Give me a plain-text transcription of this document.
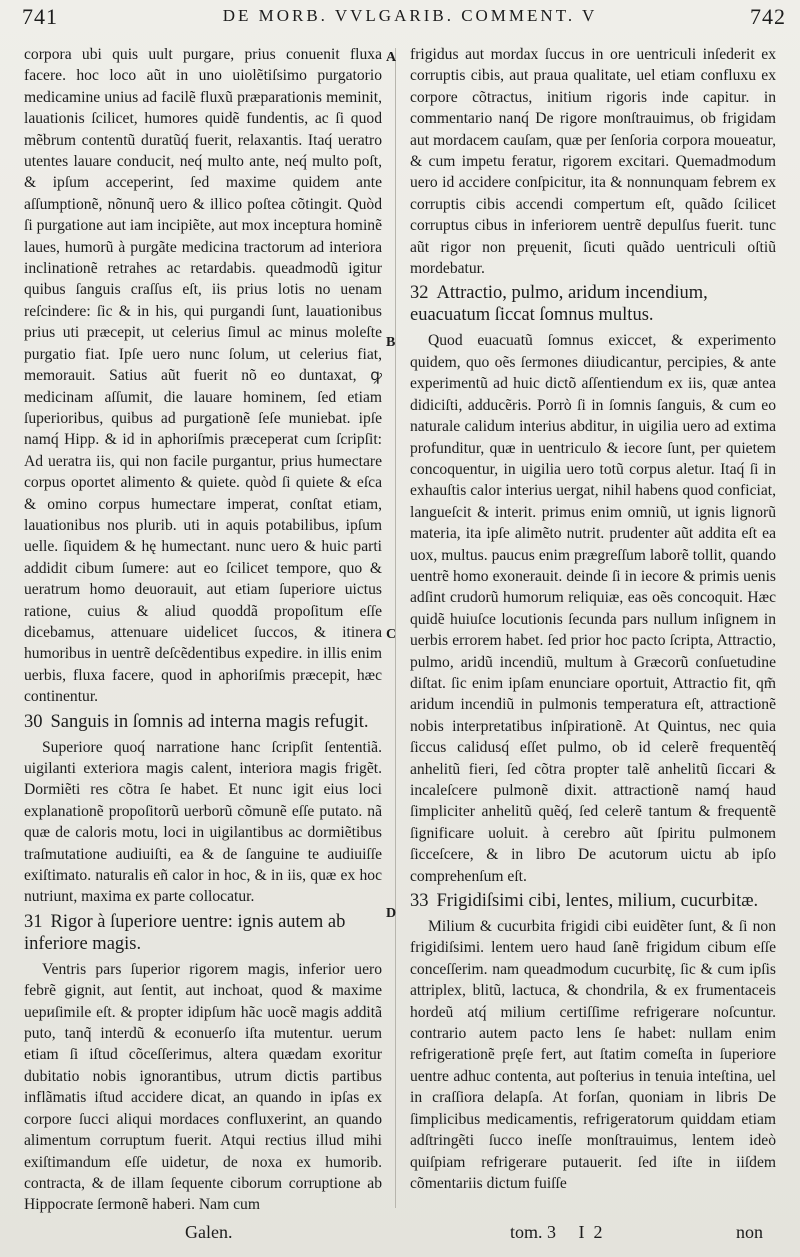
741	DE MORB. VVLGARIB. COMMENT. V	742
A
B
C
D

corpora ubi quis uult purgare, prius conuenit fluxa facere. hoc loco aũt in uno uiolẽtiſsimo purgatorio medicamine unius ad facilẽ fluxũ præparationis meminit, lauationis ſcilicet, humores quidẽ fundentis, ac ſi quod mẽbrum contentũ duratũq́ fuerit, relaxantis. Itaq́ ueratro utentes lauare conducit, neq́ multo ante, neq́ multo poſt, & ipſum acceperint, ſed maxime quidem ante aſſumptionẽ, nõnunq̃ uero & illico poſtea cõtingit. Quòd ſi purgatione aut iam incipiẽte, aut mox inceptura hominẽ laues, humorũ à purgãte medicina tractorum ad interiora inclinationẽ retrahes ac retardabis. queadmodũ igitur quibus ſanguis craſſus eſt, iis prius lotis no uenam reſcindere: ſic & in his, qui purgandi ſunt, lauationibus prius uti præcepit, ut celerius ſimul ac minus moleſte purgatio fiat. Ipſe uero nunc ſolum, ut celerius fiat, memorauit. Satius aũt fuerit nõ eo duntaxat, ꝙ medicinam aſſumit, die lauare hominem, ſed etiam ſuperioribus, quibus ad purgationẽ ſeſe muniebat. ipſe namq́ Hipp. & id in aphoriſmis præceperat cum ſcripſit: Ad ueratra iis, qui non facile purgantur, prius humectare corpus oportet alimento & quiete. quòd ſi quiete & eſca & omino corpus humectare imperat, conſtat etiam, lauationibus nos plurib. uti in aquis potabilibus, ipſum uelle. ſiquidem & hę humectant. nunc uero & huic parti addidit cibum ſumere: aut eo ſcilicet tempore, quo & ueratrum homo deuorauit, aut etiam ſuperiore uictus ratione, cuius & aliud quoddã propoſitum eſſe dicebamus, attenuare uidelicet ſuccos, & itinera humoribus in uentrẽ deſcẽdentibus expedire. in illis enim uerbis, fluxa facere, quod in aphoriſmis præcepit, hæc continentur.

30 Sanguis in ſomnis ad interna magis refugit.

Superiore quoq́ narratione hanc ſcripſit ſententiã. uigilanti exteriora magis calent, interiora magis frigẽt. Dormiẽti res cõtra ſe habet. Et nunc igit eius loci explanationẽ propoſitorũ uerborũ cõmunẽ eſſe putato. nã quæ de caloris motu, loci in uigilantibus ac dormiẽtibus traſmutatione audiuiſti, ea & de ſanguine te audiuiſſe exiſtimato. naturalis eñ calor in hoc, & in iis, quæ ex hoc nutriunt, maxima ex parte collocatur.

31 Rigor à ſuperiore uentre: ignis autem ab inferiore magis.

Ventris pars ſuperior rigorem magis, inferior uero febrẽ gignit, aut ſentit, aut inchoat, quod & maxime uериſimile eſt. & propter idipſum hãc uocẽ magis additã puto, tanq̃ interdũ & econuerſo iſta mutentur. uerum etiam ſi iſtud cõceſſerimus, altera quædam exoritur dubitatio nobis ignorantibus, utrum dictis partibus inflãmatis iſtud accidere dicat, an quando in ipſas ex corpore ſucci aliqui mordaces confluxerint, an quando alimentum corruptum fuerit. Atqui rectius illud mihi exiſtimandum eſſe uidetur, de noxa ex humorib. contracta, & de illam ſequente ciborum corruptione ab Hippocrate ſermonẽ haberi. Nam cum

frigidus aut mordax ſuccus in ore uentriculi inſederit ex corruptis cibis, aut praua qualitate, uel etiam confluxu ex corpore cõtractus, initium rigoris inde capitur. in commentario nanq́ De rigore monſtrauimus, ob frigidam aut mordacem cauſam, quæ per ſenſoria corpora moueatur, & cum impetu feratur, rigorem excitari. Quemadmodum uero id accidere conſpicitur, ita & nonnunquam febrem ex corruptis cibis accendi compertum eſt, quãdo ſcilicet corruptus cibus in inferiorem uentrẽ depulſus fuerit. tunc aũt rigor non pręuenit, ſicuti quãdo uentriculi oſtiũ mordebatur.

32 Attractio, pulmo, aridum incendium, euacuatum ſiccat ſomnus multus.

Quod euacuatũ ſomnus exiccet, & experimento quidem, quo oẽs ſermones diiudicantur, percipies, & ante experimentũ ad huic dictõ aſſentiendum ex iis, quæ antea didiciſti, adducẽris. Porrò ſi in ſomnis ſanguis, & cum eo naturale calidum interius abditur, in uigilia uero ad extima profunditur, quæ in uentriculo & iecore ſunt, per quietem concoquentur, in uigilia uero totũ corpus aletur. Itaq́ ſi in exhauſtis calor interius uergat, nihil habens quod conficiat, langueſcit & interit. primus enim omniũ, ut ignis lignorũ materia, ita ipſe alimẽto nutrit. prudenter aũt addita eſt ea uox, multus. paucus enim prægreſſum laborẽ tollit, quando uentrẽ homo exonerauit. deinde ſi in iecore & primis uenis adſint crudorũ humorum reliquiæ, eas oẽs concoquit. Hæc quidẽ huiuſce locutionis ſecunda pars nullum inſignem in uerbis errorem habet. ſed prior hoc pacto ſcripta, Attractio, pulmo, aridũ incendiũ, multum à Græcorũ conſuetudine diſtat. ſic enim ipſam enunciare oportuit, Attractio fit, qm̃ aridum incendiũ in pulmonis temperatura eſt, attractionẽ nobis interpretatibus inſpirationẽ. At Quintus, nec quia ſiccus calidusq́ eſſet pulmo, ob id celerẽ frequentẽq́ anhelitũ fieri, ſed cõtra propter talẽ anhelitũ ſiccari & incaleſcere pulmonẽ dixit. attractionẽ namq́ haud ſimpliciter anhelitũ quẽq́, ſed celerẽ tantum & frequentẽ ſignificare uoluit. à cerebro aũt ſpiritu pulmonem ſicceſcere, & in libro De acutorum uictu ab ipſo comprehenſum eſt.

33 Frigidiſsimi cibi, lentes, milium, cucurbitæ.

Milium & cucurbita frigidi cibi euidẽter ſunt, & ſi non frigidiſsimi. lentem uero haud ſanẽ frigidum cibum eſſe conceſſerim. nam queadmodum cucurbitę, ſic & cum ipſis attriplex, blitũ, lactuca, & chondrila, & ex frumentaceis hordeũ atq́ milium certiſſime refrigerare noſcuntur. contrario autem pacto lens ſe habet: nullam enim refrigerationẽ pręſe fert, aut ſtatim comeſta in ſuperiore uentre adhuc contenta, aut poſterius in tenuia inteſtina, uel in craſſiora delapſa. At forſan, quoniam in libris De ſimplicibus medicamentis, refrigeratorum quiddam etiam adſtringẽti ſucco ineſſe monſtrauimus, lentem ideò quiſpiam refrigerare putauerit. ſed iſte in iiſdem cõmentariis dictum fuiſſe

Galen.	tom. 3     I  2	non
